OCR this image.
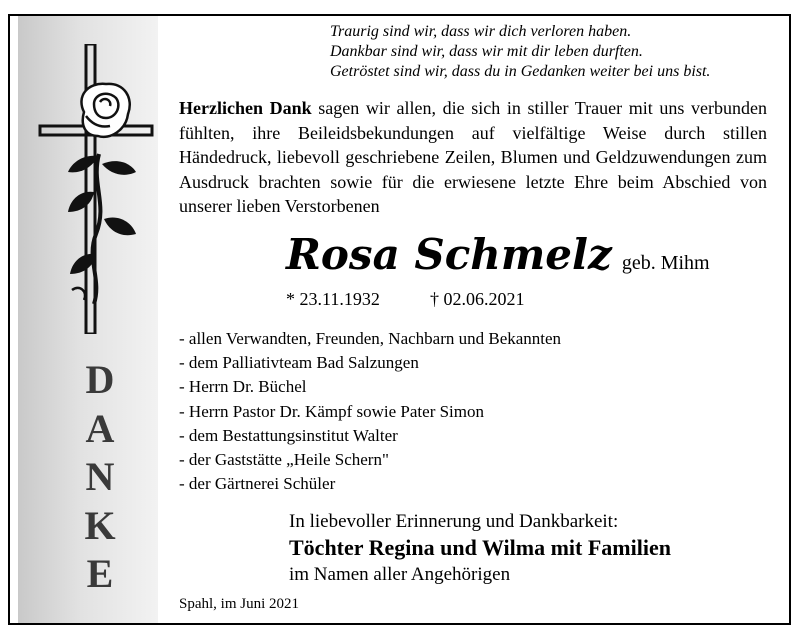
D
A
N
K
E
Traurig sind wir, dass wir dich verloren haben.
Dankbar sind wir, dass wir mit dir leben durften.
Getröstet sind wir, dass du in Gedanken weiter bei uns bist.
Herzlichen Dank sagen wir allen, die sich in stiller Trauer mit uns verbunden fühlten, ihre Beileidsbekundungen auf vielfältige Weise durch stillen Händedruck, liebevoll geschriebene Zeilen, Blumen und Geldzuwendungen zum Ausdruck brachten sowie für die erwiesene letzte Ehre beim Abschied von unserer lieben Verstorbenen
Rosa Schmelz geb. Mihm
* 23.11.1932	† 02.06.2021
- allen Verwandten, Freunden, Nachbarn und Bekannten
- dem Palliativteam Bad Salzungen
- Herrn Dr. Büchel
- Herrn Pastor Dr. Kämpf sowie Pater Simon
- dem Bestattungsinstitut Walter
- der Gaststätte „Heile Schern"
- der Gärtnerei Schüler
In liebevoller Erinnerung und Dankbarkeit:
Töchter Regina und Wilma mit Familien
im Namen aller Angehörigen
Spahl, im Juni 2021
